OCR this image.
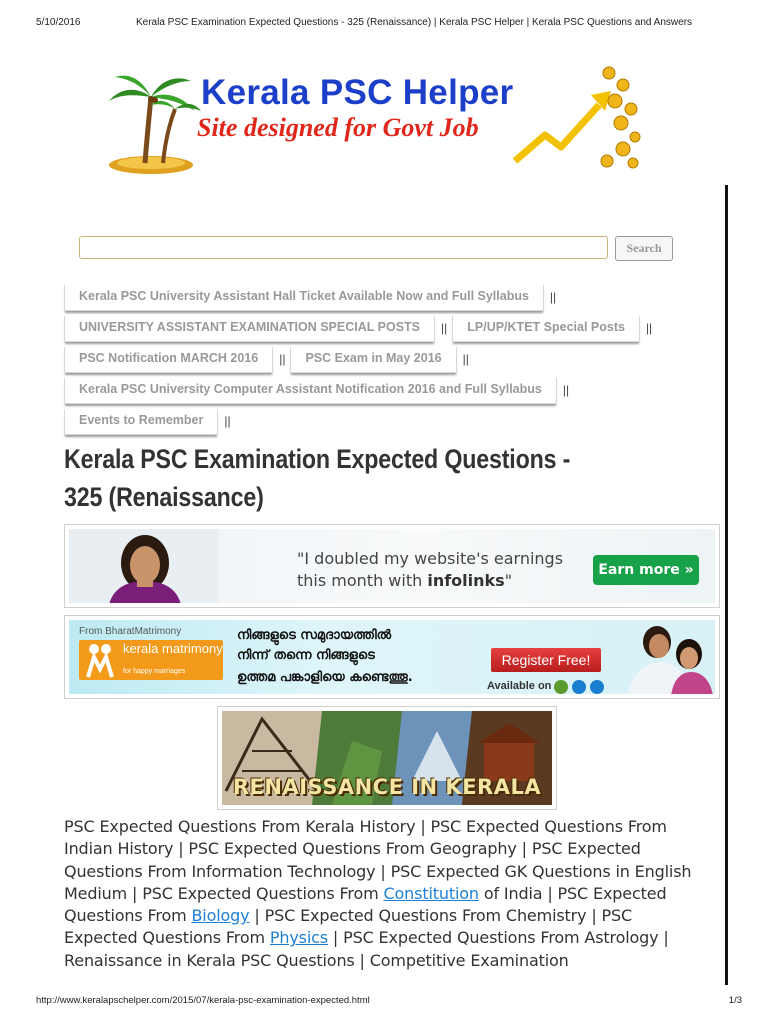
5/10/2016	Kerala PSC Examination Expected Questions - 325 (Renaissance) | Kerala PSC Helper | Kerala PSC Questions and Answers
Kerala PSC Helper
Site designed for Govt Job
Search
Kerala PSC University Assistant Hall Ticket Available Now and Full Syllabus	||
UNIVERSITY ASSISTANT EXAMINATION SPECIAL POSTS	||	LP/UP/KTET Special Posts	||
PSC Notification MARCH 2016	||	PSC Exam in May 2016	||
Kerala PSC University Computer Assistant Notification 2016 and Full Syllabus	||
Events to Remember	||
Kerala PSC Examination Expected Questions - 325 (Renaissance)
"I doubled my website's earnings
this month with infolinks"
Earn more »
From BharatMatrimony
kerala matrimony
for happy marriages
നിങ്ങളുടെ സമുദായത്തിൽ
നിന്ന് തന്നെ നിങ്ങളുടെ
ഉത്തമ പങ്കാളിയെ കണ്ടെത്തൂ.
Register Free!
Available on
RENAISSANCE IN KERALA

PSC Expected Questions From Kerala History | PSC Expected Questions From Indian History | PSC Expected Questions From Geography | PSC Expected Questions From Information Technology | PSC Expected GK Questions in English Medium | PSC Expected Questions From Constitution of India | PSC Expected Questions From Biology | PSC Expected Questions From Chemistry | PSC Expected Questions From Physics | PSC Expected Questions From Astrology | Renaissance in Kerala PSC Questions | Competitive Examination

http://www.keralapschelper.com/2015/07/kerala-psc-examination-expected.html	1/3
